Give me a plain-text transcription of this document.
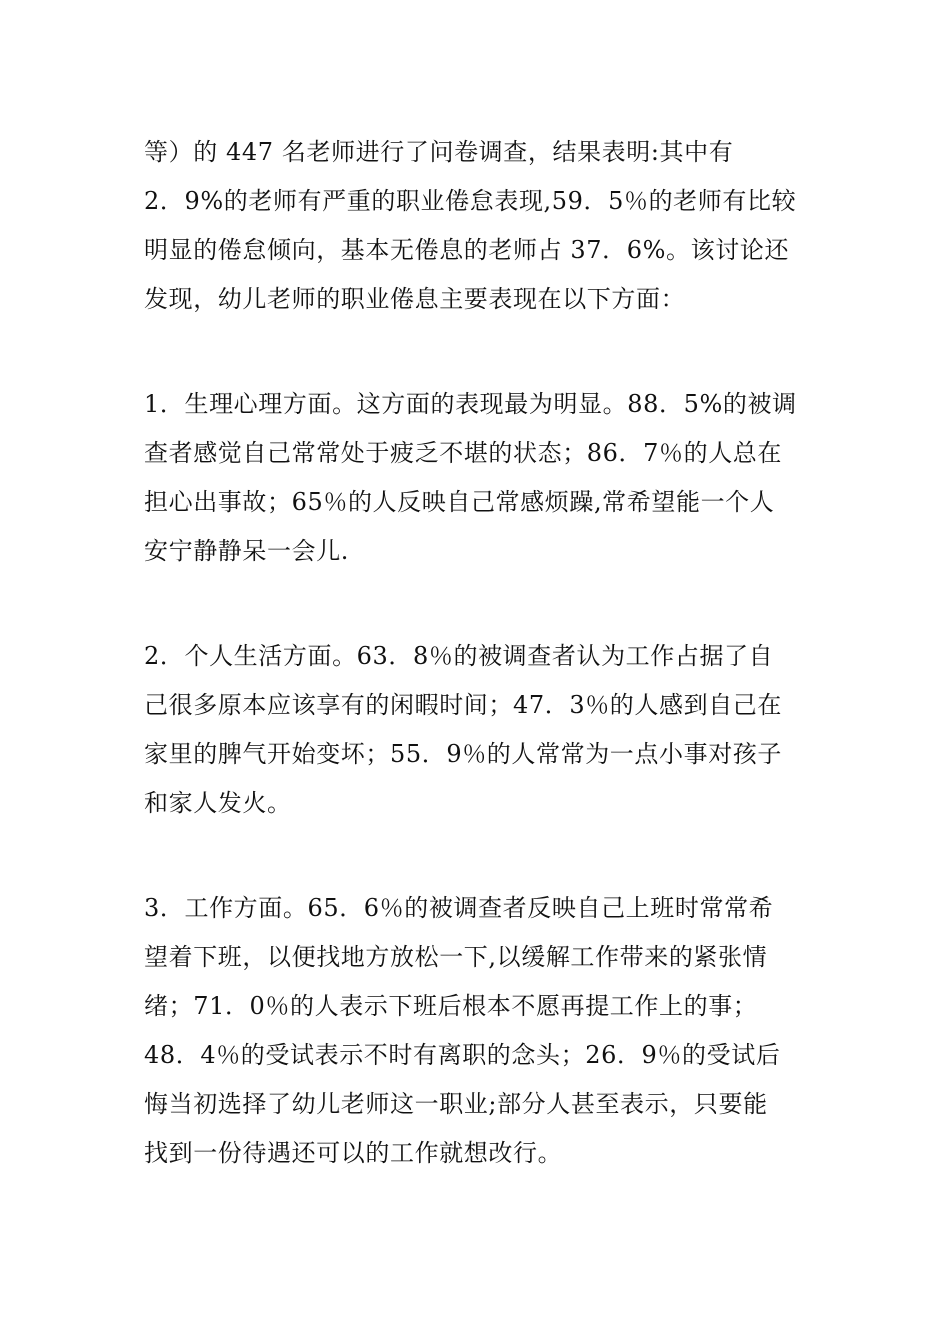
等）的 447 名老师进行了问卷调查，结果表明:其中有
2．9%的老师有严重的职业倦怠表现,59．5％的老师有比较
明显的倦怠倾向，基本无倦息的老师占 37．6%。该讨论还
发现，幼儿老师的职业倦息主要表现在以下方面：

1．生理心理方面。这方面的表现最为明显。88．5%的被调
查者感觉自己常常处于疲乏不堪的状态；86．7％的人总在
担心出事故；65％的人反映自己常感烦躁,常希望能一个人
安宁静静呆一会儿.

2．个人生活方面。63．8％的被调查者认为工作占据了自
己很多原本应该享有的闲暇时间；47．3％的人感到自己在
家里的脾气开始变坏；55．9％的人常常为一点小事对孩子
和家人发火。

3．工作方面。65．6％的被调查者反映自己上班时常常希
望着下班，以便找地方放松一下,以缓解工作带来的紧张情
绪；71．0％的人表示下班后根本不愿再提工作上的事；
48．4％的受试表示不时有离职的念头；26．9％的受试后
悔当初选择了幼儿老师这一职业;部分人甚至表示，只要能
找到一份待遇还可以的工作就想改行。
